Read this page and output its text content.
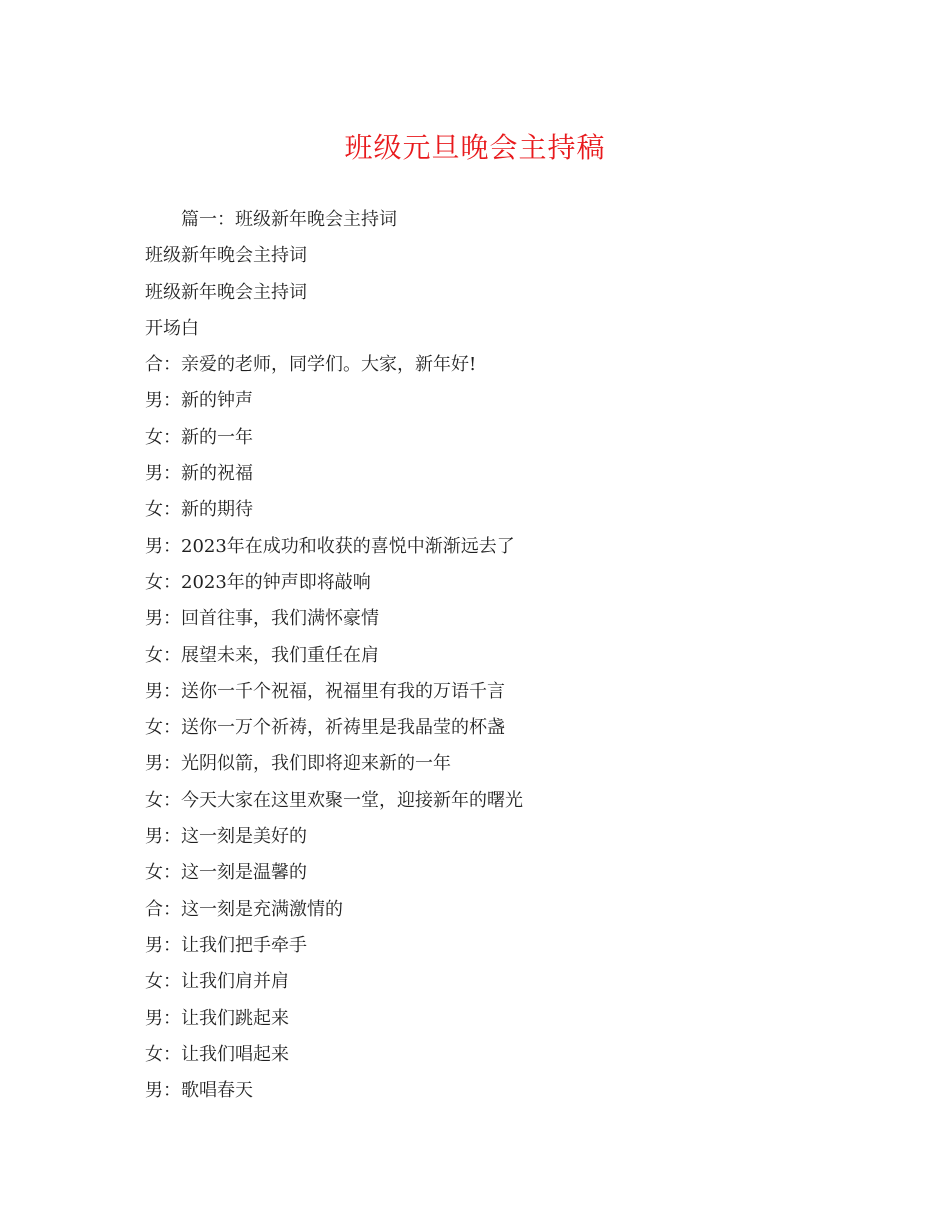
班级元旦晚会主持稿
篇一：班级新年晚会主持词
班级新年晚会主持词
班级新年晚会主持词
开场白
合：亲爱的老师，同学们。大家，新年好!
男：新的钟声
女：新的一年
男：新的祝福
女：新的期待
男：2023年在成功和收获的喜悦中渐渐远去了
女：2023年的钟声即将敲响
男：回首往事，我们满怀豪情
女：展望未来，我们重任在肩
男：送你一千个祝福，祝福里有我的万语千言
女：送你一万个祈祷，祈祷里是我晶莹的杯盏
男：光阴似箭，我们即将迎来新的一年
女：今天大家在这里欢聚一堂，迎接新年的曙光
男：这一刻是美好的
女：这一刻是温馨的
合：这一刻是充满激情的
男：让我们把手牵手
女：让我们肩并肩
男：让我们跳起来
女：让我们唱起来
男：歌唱春天
